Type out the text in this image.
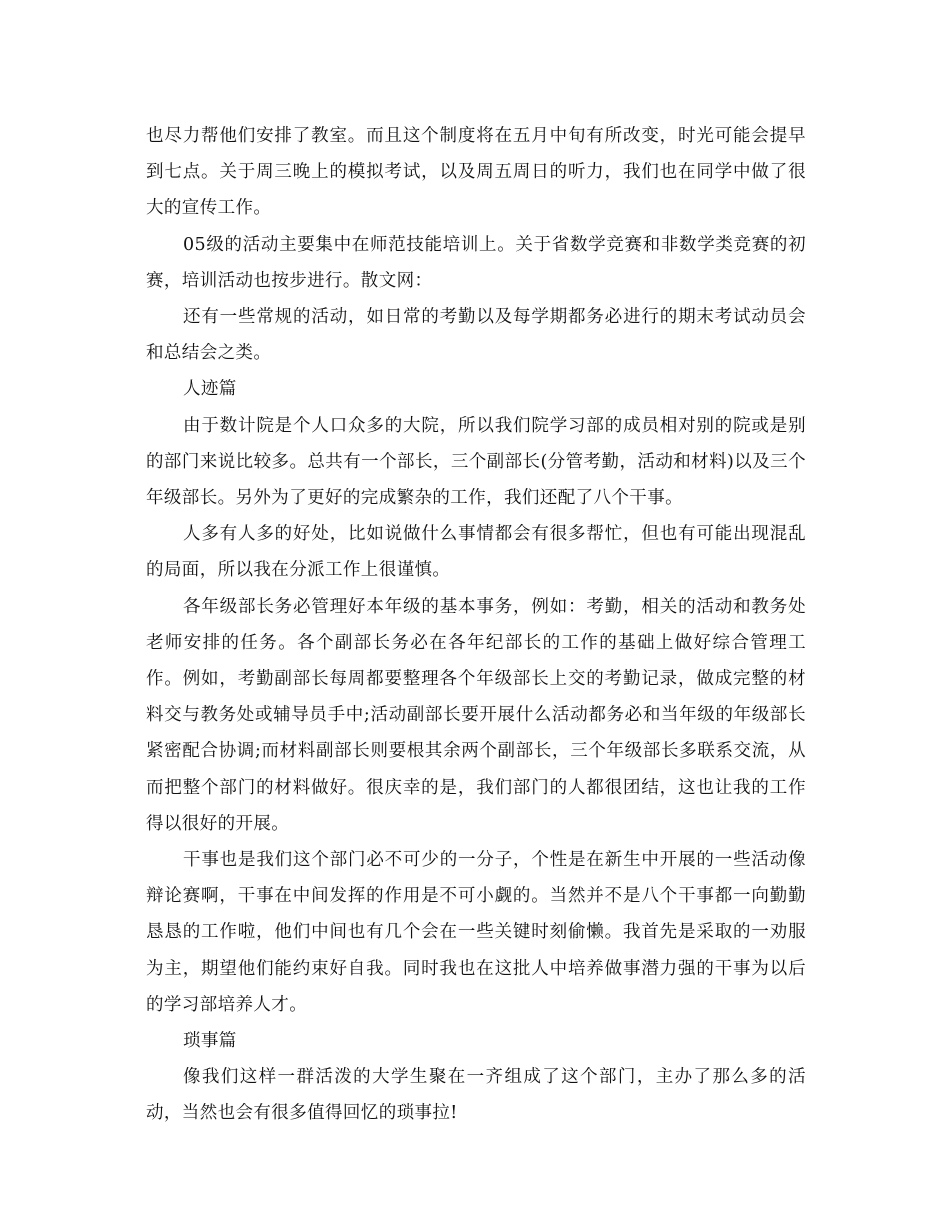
也尽力帮他们安排了教室。而且这个制度将在五月中旬有所改变，时光可能会提早到七点。关于周三晚上的模拟考试，以及周五周日的听力，我们也在同学中做了很大的宣传工作。

05级的活动主要集中在师范技能培训上。关于省数学竞赛和非数学类竞赛的初赛，培训活动也按步进行。散文网：

还有一些常规的活动，如日常的考勤以及每学期都务必进行的期末考试动员会和总结会之类。

人迹篇

由于数计院是个人口众多的大院，所以我们院学习部的成员相对别的院或是别的部门来说比较多。总共有一个部长，三个副部长(分管考勤，活动和材料)以及三个年级部长。另外为了更好的完成繁杂的工作，我们还配了八个干事。

人多有人多的好处，比如说做什么事情都会有很多帮忙，但也有可能出现混乱的局面，所以我在分派工作上很谨慎。

各年级部长务必管理好本年级的基本事务，例如：考勤，相关的活动和教务处老师安排的任务。各个副部长务必在各年纪部长的工作的基础上做好综合管理工作。例如，考勤副部长每周都要整理各个年级部长上交的考勤记录，做成完整的材料交与教务处或辅导员手中;活动副部长要开展什么活动都务必和当年级的年级部长紧密配合协调;而材料副部长则要根其余两个副部长，三个年级部长多联系交流，从而把整个部门的材料做好。很庆幸的是，我们部门的人都很团结，这也让我的工作得以很好的开展。

干事也是我们这个部门必不可少的一分子，个性是在新生中开展的一些活动像辩论赛啊，干事在中间发挥的作用是不可小觑的。当然并不是八个干事都一向勤勤恳恳的工作啦，他们中间也有几个会在一些关键时刻偷懒。我首先是采取的一劝服为主，期望他们能约束好自我。同时我也在这批人中培养做事潜力强的干事为以后的学习部培养人才。

琐事篇

像我们这样一群活泼的大学生聚在一齐组成了这个部门，主办了那么多的活动，当然也会有很多值得回忆的琐事拉!
